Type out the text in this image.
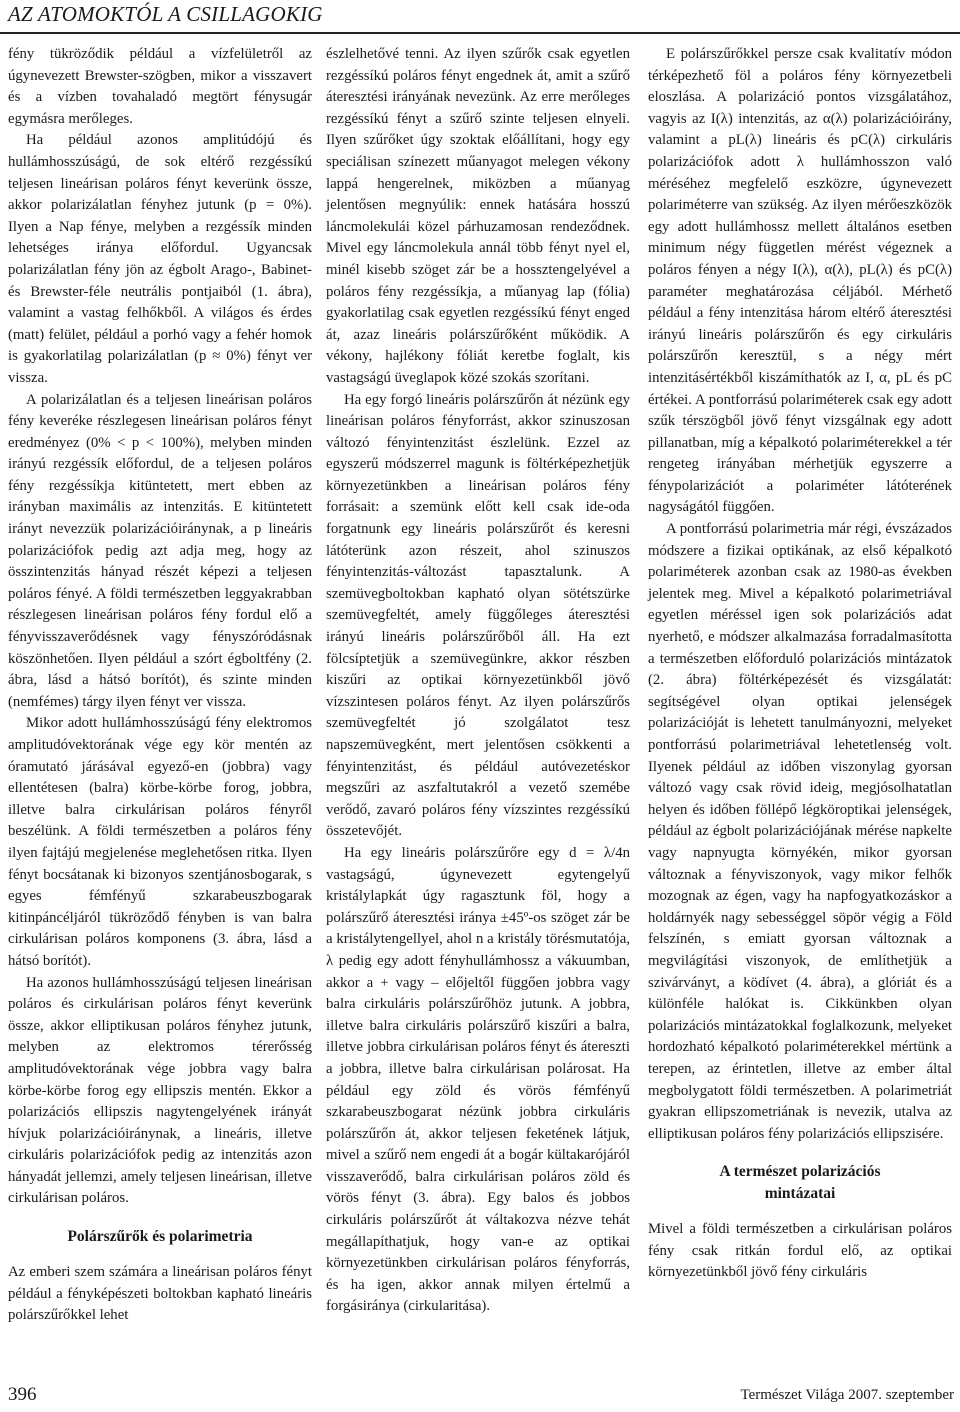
AZ ATOMOKTÓL A CSILLAGOKIG

fény tükröződik például a vízfelületről az úgynevezett Brewster-szögben, mikor a visszavert és a vízben tovahaladó megtört fénysugár egymásra merőleges.

Ha például azonos amplitúdójú és hullámhosszúságú, de sok eltérő rezgéssíkú teljesen lineárisan poláros fényt keverünk össze, akkor polarizálatlan fényhez jutunk (p = 0%). Ilyen a Nap fénye, melyben a rezgéssík minden lehetséges iránya előfordul. Ugyancsak polarizálatlan fény jön az égbolt Arago-, Babinet- és Brewster-féle neutrális pontjaiból (1. ábra), valamint a vastag felhőkből. A világos és érdes (matt) felület, például a porhó vagy a fehér homok is gyakorlatilag polarizálatlan (p ≈ 0%) fényt ver vissza.

A polarizálatlan és a teljesen lineárisan poláros fény keveréke részlegesen lineárisan poláros fényt eredményez (0% < p < 100%), melyben minden irányú rezgéssík előfordul, de a teljesen poláros fény rezgéssíkja kitüntetett, mert ebben az irányban maximális az intenzitás. E kitüntetett irányt nevezzük polarizációiránynak, a p lineáris polarizációfok pedig azt adja meg, hogy az összintenzitás hányad részét képezi a teljesen poláros fényé. A földi természetben leggyakrabban részlegesen lineárisan poláros fény fordul elő a fényvisszaverődésnek vagy fényszóródásnak köszönhetően. Ilyen például a szórt égboltfény (2. ábra, lásd a hátsó borítót), és szinte minden (nemfémes) tárgy ilyen fényt ver vissza.

Mikor adott hullámhosszúságú fény elektromos amplitudóvektorának vége egy kör mentén az óramutató járásával egyező-en (jobbra) vagy ellentétesen (balra) körbe-körbe forog, jobbra, illetve balra cirkulárisan poláros fényről beszélünk. A földi természetben a poláros fény ilyen fajtájú megjelenése meglehetősen ritka. Ilyen fényt bocsátanak ki bizonyos szentjánosbogarak, s egyes fémfényű szkarabeuszbogarak kitinpáncéljáról tükröződő fényben is van balra cirkulárisan poláros komponens (3. ábra, lásd a hátsó borítót).

Ha azonos hullámhosszúságú teljesen lineárisan poláros és cirkulárisan poláros fényt keverünk össze, akkor elliptikusan poláros fényhez jutunk, melyben az elektromos térerősség amplitudóvektorának vége jobbra vagy balra körbe-körbe forog egy ellipszis mentén. Ekkor a polarizációs ellipszis nagytengelyének irányát hívjuk polarizációiránynak, a lineáris, illetve cirkuláris polarizációfok pedig az intenzitás azon hányadát jellemzi, amely teljesen lineárisan, illetve cirkulárisan poláros.

Polárszűrők és polarimetria

Az emberi szem számára a lineárisan poláros fényt például a fényképészeti boltokban kapható lineáris polárszűrőkkel lehet

észlelhetővé tenni. Az ilyen szűrők csak egyetlen rezgéssíkú poláros fényt engednek át, amit a szűrő áteresztési irányának nevezünk. Az erre merőleges rezgéssíkú fényt a szűrő szinte teljesen elnyeli. Ilyen szűrőket úgy szoktak előállítani, hogy egy speciálisan színezett műanyagot melegen vékony lappá hengerelnek, miközben a műanyag jelentősen megnyúlik: ennek hatására hosszú láncmolekulái közel párhuzamosan rendeződnek. Mivel egy láncmolekula annál több fényt nyel el, minél kisebb szöget zár be a hossztengelyével a poláros fény rezgéssíkja, a műanyag lap (fólia) gyakorlatilag csak egyetlen rezgéssíkú fényt enged át, azaz lineáris polárszűrőként működik. A vékony, hajlékony fóliát keretbe foglalt, kis vastagságú üveglapok közé szokás szorítani.

Ha egy forgó lineáris polárszűrőn át nézünk egy lineárisan poláros fényforrást, akkor szinuszosan változó fényintenzitást észlelünk. Ezzel az egyszerű módszerrel magunk is föltérképezhetjük környezetünkben a lineárisan poláros fény forrásait: a szemünk előtt kell csak ide-oda forgatnunk egy lineáris polárszűrőt és keresni látóterünk azon részeit, ahol szinuszos fényintenzitás-változást tapasztalunk. A szemüvegboltokban kapható olyan sötétszürke szemüvegfeltét, amely függőleges áteresztési irányú lineáris polárszűrőből áll. Ha ezt fölcsíptetjük a szemüvegünkre, akkor részben kiszűri az optikai környezetünkből jövő vízszintesen poláros fényt. Az ilyen polárszűrős szemüvegfeltét jó szolgálatot tesz napszemüvegként, mert jelentősen csökkenti a fényintenzitást, és például autóvezetéskor megszűri az aszfaltutakról a vezető szemébe verődő, zavaró poláros fény vízszintes rezgéssíkú összetevőjét.

Ha egy lineáris polárszűrőre egy d = λ/4n vastagságú, úgynevezett egytengelyű kristálylapkát úgy ragasztunk föl, hogy a polárszűrő áteresztési iránya ±45º-os szöget zár be a kristálytengellyel, ahol n a kristály törésmutatója, λ pedig egy adott fényhullámhossz a vákuumban, akkor a + vagy – előjeltől függően jobbra vagy balra cirkuláris polárszűrőhöz jutunk. A jobbra, illetve balra cirkuláris polárszűrő kiszűri a balra, illetve jobbra cirkulárisan poláros fényt és átereszti a jobbra, illetve balra cirkulárisan polárosat. Ha például egy zöld és vörös fémfényű szkarabeuszbogarat nézünk jobbra cirkuláris polárszűrőn át, akkor teljesen feketének látjuk, mivel a szűrő nem engedi át a bogár kültakarójáról visszaverődő, balra cirkulárisan poláros zöld és vörös fényt (3. ábra). Egy balos és jobbos cirkuláris polárszűrőt át váltakozva nézve tehát megállapíthatjuk, hogy van-e az optikai környezetünkben cirkulárisan poláros fényforrás, és ha igen, akkor annak milyen értelmű a forgásiránya (cirkularitása).

E polárszűrőkkel persze csak kvalitatív módon térképezhető föl a poláros fény környezetbeli eloszlása. A polarizáció pontos vizsgálatához, vagyis az I(λ) intenzitás, az α(λ) polarizációirány, valamint a pL(λ) lineáris és pC(λ) cirkuláris polarizációfok adott λ hullámhosszon való méréséhez megfelelő eszközre, úgynevezett polariméterre van szükség. Az ilyen mérőeszközök egy adott hullámhossz mellett általános esetben minimum négy független mérést végeznek a poláros fényen a négy I(λ), α(λ), pL(λ) és pC(λ) paraméter meghatározása céljából. Mérhető például a fény intenzitása három eltérő áteresztési irányú lineáris polárszűrőn és egy cirkuláris polárszűrőn keresztül, s a négy mért intenzitásértékből kiszámíthatók az I, α, pL és pC értékei. A pontforrású polariméterek csak egy adott szűk térszögből jövő fényt vizsgálnak egy adott pillanatban, míg a képalkotó polariméterekkel a tér rengeteg irányában mérhetjük egyszerre a fénypolarizációt a polariméter látóterének nagyságától függően.

A pontforrású polarimetria már régi, évszázados módszere a fizikai optikának, az első képalkotó polariméterek azonban csak az 1980-as években jelentek meg. Mivel a képalkotó polarimetriával egyetlen méréssel igen sok polarizációs adat nyerhető, e módszer alkalmazása forradalmasította a természetben előforduló polarizációs mintázatok (2. ábra) föltérképezését és vizsgálatát: segítségével olyan optikai jelenségek polarizációját is lehetett tanulmányozni, melyeket pontforrású polarimetriával lehetetlenség volt. Ilyenek például az időben viszonylag gyorsan változó vagy csak rövid ideig, megjósolhatatlan helyen és időben föllépő légköroptikai jelenségek, például az égbolt polarizációjának mérése napkelte vagy napnyugta környékén, mikor gyorsan változnak a fényviszonyok, vagy mikor felhők mozognak az égen, vagy ha napfogyatkozáskor a holdárnyék nagy sebességgel söpör végig a Föld felszínén, s emiatt gyorsan változnak a megvilágítási viszonyok, de említhetjük a szivárványt, a ködívet (4. ábra), a glóriát és a különféle halókat is. Cikkünkben olyan polarizációs mintázatokkal foglalkozunk, melyeket hordozható képalkotó polariméterekkel mértünk a terepen, az érintetlen, illetve az ember által megbolygatott földi természetben. A polarimetriát gyakran ellipszometriának is nevezik, utalva az elliptikusan poláros fény polarizációs ellipszisére.

A természet polarizációs
mintázatai

Mivel a földi természetben a cirkulárisan poláros fény csak ritkán fordul elő, az optikai környezetünkből jövő fény cirkuláris

396	Természet Világa 2007. szeptember
